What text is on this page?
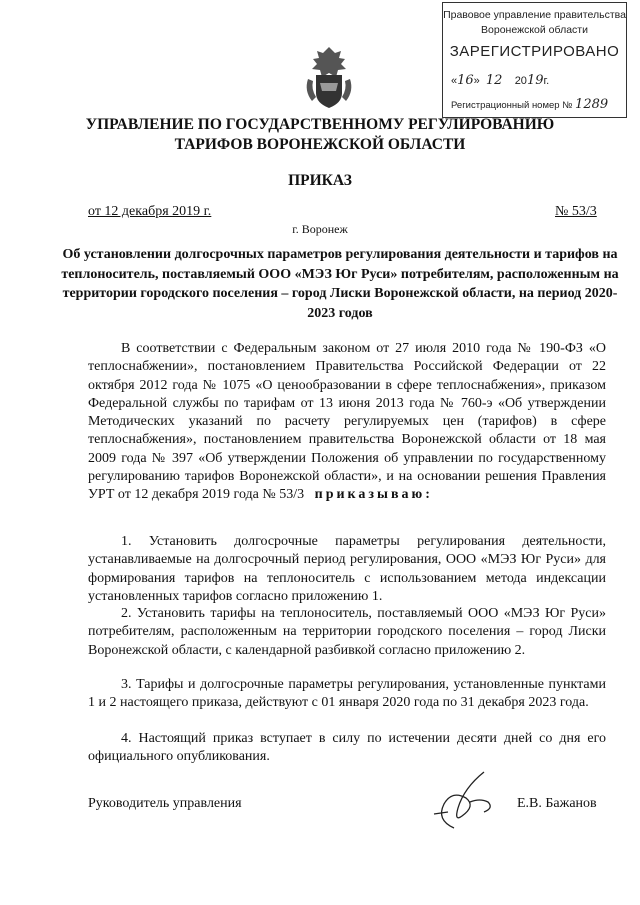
Правовое управление правительства
Воронежской области
ЗАРЕГИСТРИРОВАНО
«16»  12 2019г.
Регистрационный номер № 1289
УПРАВЛЕНИЕ ПО ГОСУДАРСТВЕННОМУ РЕГУЛИРОВАНИЮ
ТАРИФОВ ВОРОНЕЖСКОЙ ОБЛАСТИ
ПРИКАЗ
от 12 декабря 2019 г.	№ 53/3
г. Воронеж
Об установлении долгосрочных параметров регулирования деятельности и тарифов на теплоноситель, поставляемый ООО «МЭЗ Юг Руси» потребителям, расположенным на территории городского поселения – город Лиски Воронежской области, на период 2020-2023 годов
В соответствии с Федеральным законом от 27 июля 2010 года № 190-ФЗ «О теплоснабжении», постановлением Правительства Российской Федерации от 22 октября 2012 года № 1075 «О ценообразовании в сфере теплоснабжения», приказом Федеральной службы по тарифам от 13 июня 2013 года № 760-э «Об утверждении Методических указаний по расчету регулируемых цен (тарифов) в сфере теплоснабжения», постановлением правительства Воронежской области от 18 мая 2009 года № 397 «Об утверждении Положения об управлении по государственному регулированию тарифов Воронежской области», и на основании решения Правления УРТ от 12 декабря 2019 года № 53/3 приказываю:
1. Установить долгосрочные параметры регулирования деятельности, устанавливаемые на долгосрочный период регулирования, ООО «МЭЗ Юг Руси» для формирования тарифов на теплоноситель с использованием метода индексации установленных тарифов согласно приложению 1.
2. Установить тарифы на теплоноситель, поставляемый ООО «МЭЗ Юг Руси» потребителям, расположенным на территории городского поселения – город Лиски Воронежской области, с календарной разбивкой согласно приложению 2.
3. Тарифы и долгосрочные параметры регулирования, установленные пунктами 1 и 2 настоящего приказа, действуют с 01 января 2020 года по 31 декабря 2023 года.
4. Настоящий приказ вступает в силу по истечении десяти дней со дня его официального опубликования.
Руководитель управления	Е.В. Бажанов
